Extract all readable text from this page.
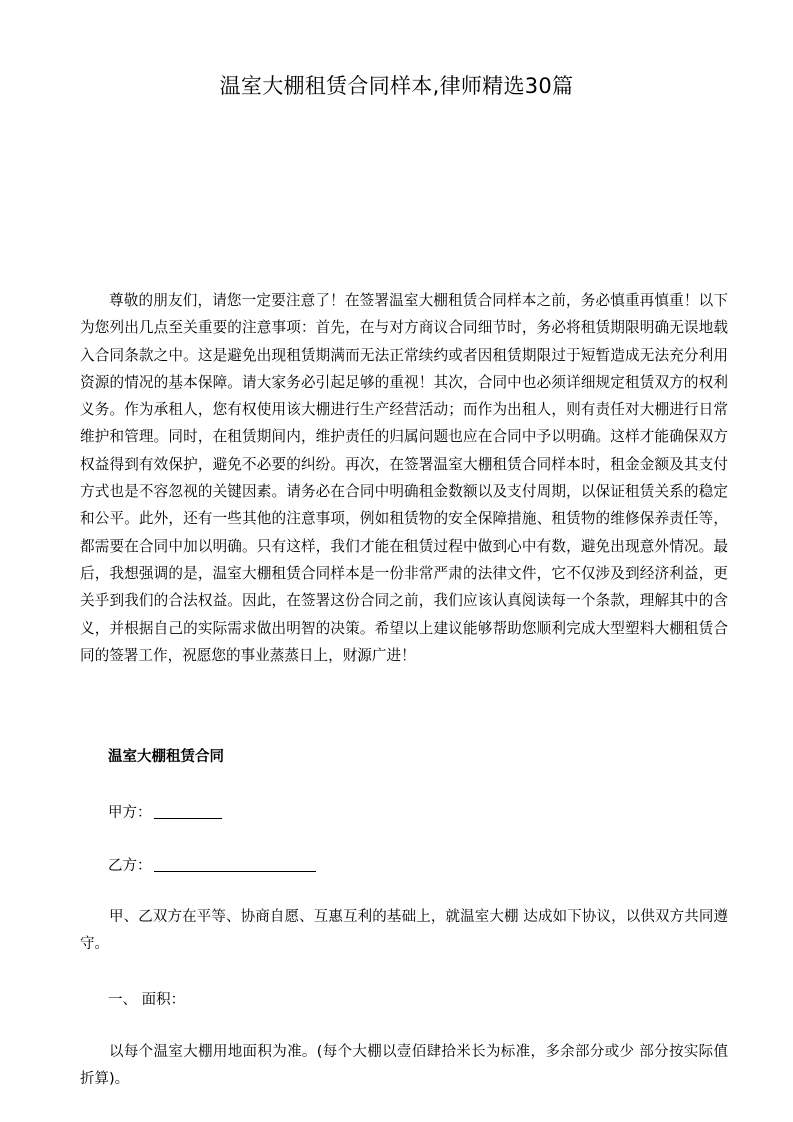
温室大棚租赁合同样本,律师精选30篇

尊敬的朋友们，请您一定要注意了！在签署温室大棚租赁合同样本之前，务必慎重再慎重！以下为您列出几点至关重要的注意事项：首先，在与对方商议合同细节时，务必将租赁期限明确无误地载入合同条款之中。这是避免出现租赁期满而无法正常续约或者因租赁期限过于短暂造成无法充分利用资源的情况的基本保障。请大家务必引起足够的重视！其次，合同中也必须详细规定租赁双方的权利义务。作为承租人，您有权使用该大棚进行生产经营活动；而作为出租人，则有责任对大棚进行日常维护和管理。同时，在租赁期间内，维护责任的归属问题也应在合同中予以明确。这样才能确保双方权益得到有效保护，避免不必要的纠纷。再次，在签署温室大棚租赁合同样本时，租金金额及其支付方式也是不容忽视的关键因素。请务必在合同中明确租金数额以及支付周期，以保证租赁关系的稳定和公平。此外，还有一些其他的注意事项，例如租赁物的安全保障措施、租赁物的维修保养责任等，都需要在合同中加以明确。只有这样，我们才能在租赁过程中做到心中有数，避免出现意外情况。最后，我想强调的是，温室大棚租赁合同样本是一份非常严肃的法律文件，它不仅涉及到经济利益，更关乎到我们的合法权益。因此，在签署这份合同之前，我们应该认真阅读每一个条款，理解其中的含义，并根据自己的实际需求做出明智的决策。希望以上建议能够帮助您顺利完成大型塑料大棚租赁合同的签署工作，祝愿您的事业蒸蒸日上，财源广进！

温室大棚租赁合同
甲方：
乙方：

甲、乙双方在平等、协商自愿、互惠互利的基础上，就温室大棚 达成如下协议，以供双方共同遵守。

一、 面积：

以每个温室大棚用地面积为准。(每个大棚以壹佰肆拾米长为标准，多余部分或少 部分按实际值折算)。
